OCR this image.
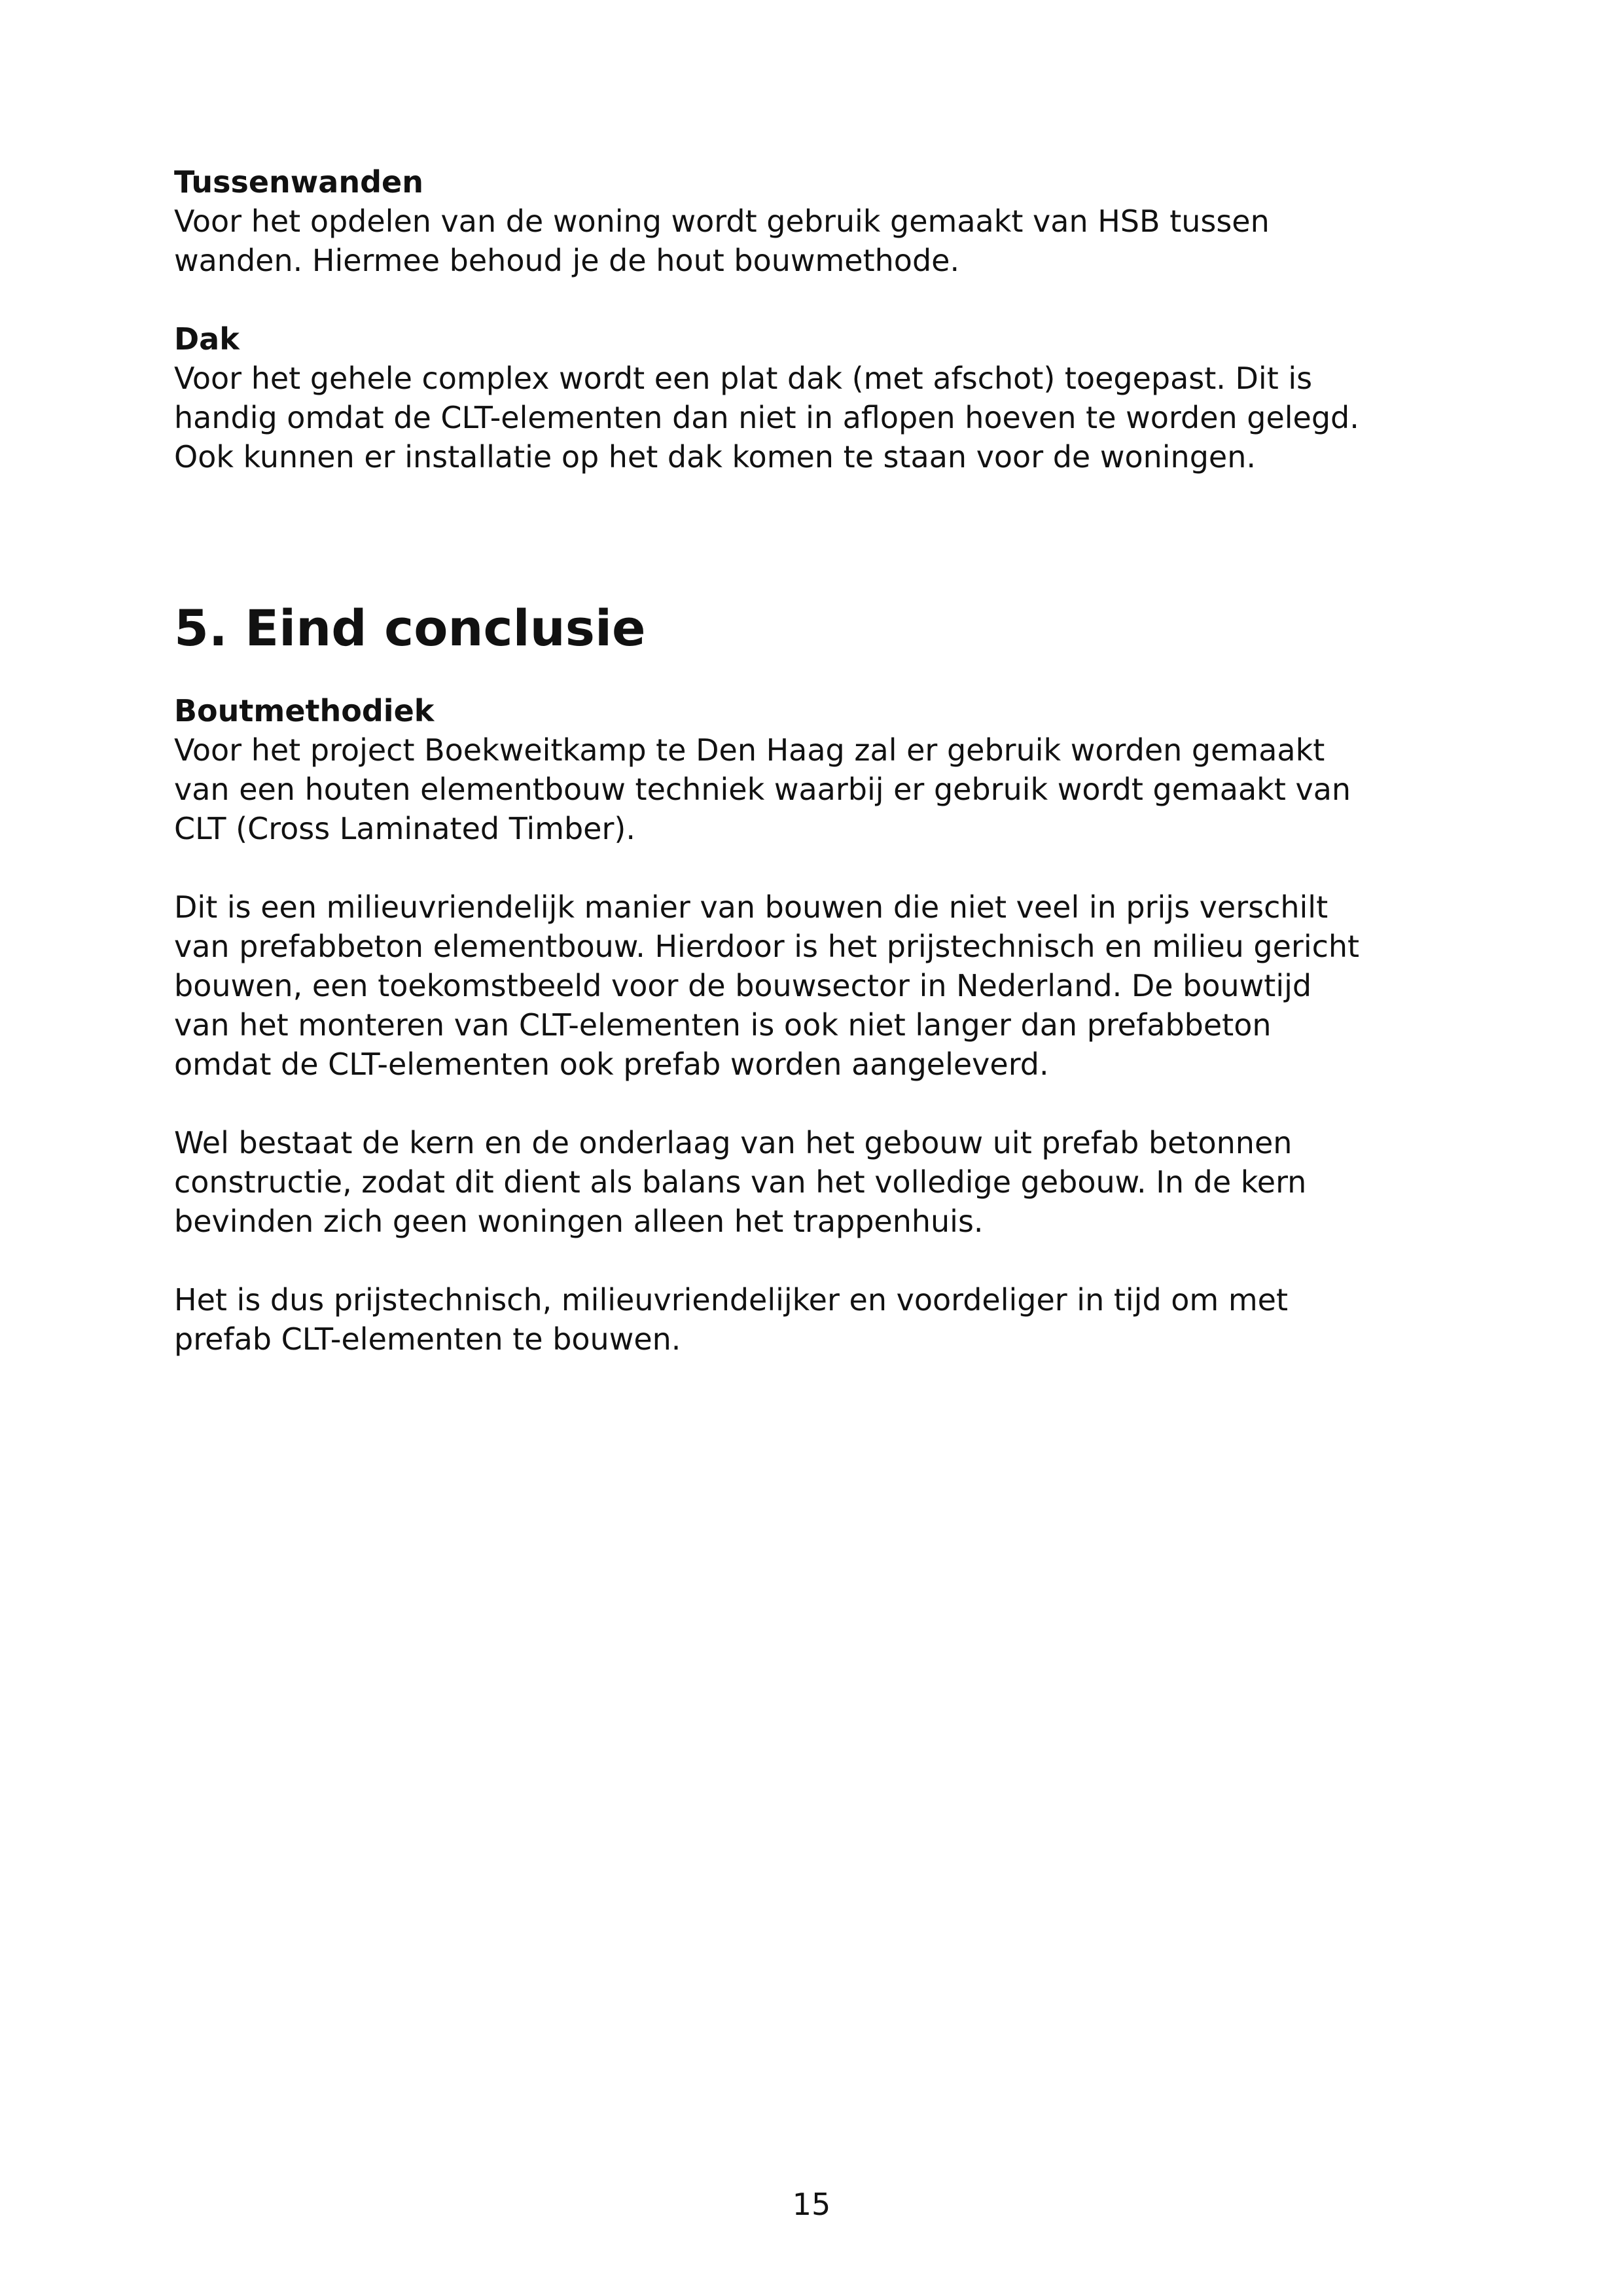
Tussenwanden

Voor het opdelen van de woning wordt gebruik gemaakt van HSB tussen
wanden. Hiermee behoud je de hout bouwmethode.

Dak

Voor het gehele complex wordt een plat dak (met afschot) toegepast. Dit is
handig omdat de CLT-elementen dan niet in aflopen hoeven te worden gelegd.
Ook kunnen er installatie op het dak komen te staan voor de woningen.

5. Eind conclusie

Boutmethodiek

Voor het project Boekweitkamp te Den Haag zal er gebruik worden gemaakt
van een houten elementbouw techniek waarbij er gebruik wordt gemaakt van
CLT (Cross Laminated Timber).

Dit is een milieuvriendelijk manier van bouwen die niet veel in prijs verschilt
van prefabbeton elementbouw. Hierdoor is het prijstechnisch en milieu gericht
bouwen, een toekomstbeeld voor de bouwsector in Nederland. De bouwtijd
van het monteren van CLT-elementen is ook niet langer dan prefabbeton
omdat de CLT-elementen ook prefab worden aangeleverd.

Wel bestaat de kern en de onderlaag van het gebouw uit prefab betonnen
constructie, zodat dit dient als balans van het volledige gebouw. In de kern
bevinden zich geen woningen alleen het trappenhuis.

Het is dus prijstechnisch, milieuvriendelijker en voordeliger in tijd om met
prefab CLT-elementen te bouwen.

15
